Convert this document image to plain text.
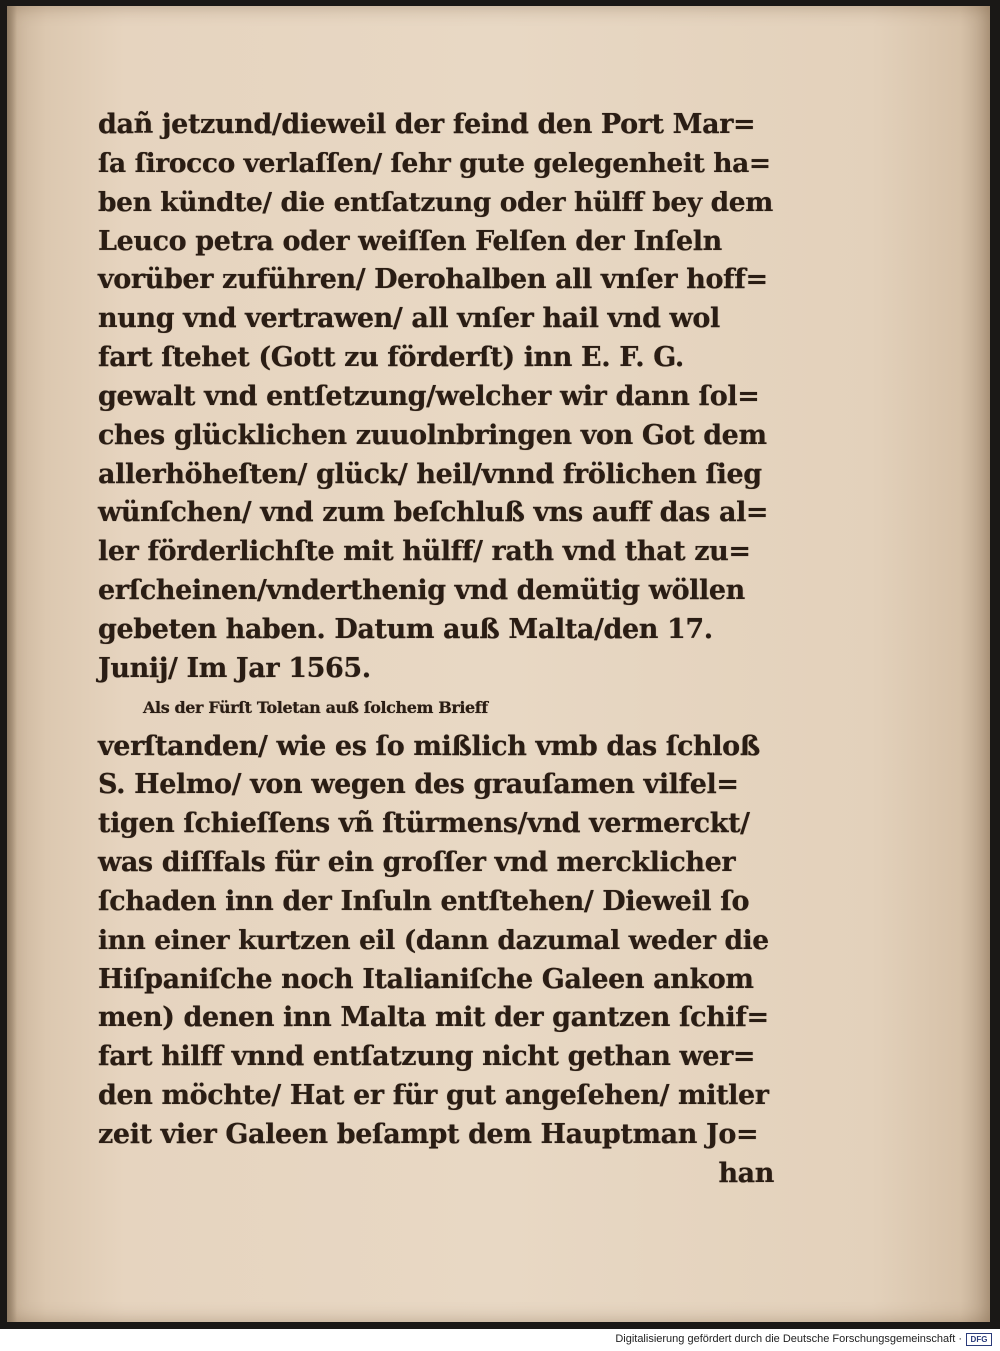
dañ jetzund/dieweil der feind den Port Mar=
ſa ſirocco verlaſſen/ ſehr gute gelegenheit ha=
ben kündte/ die entſatzung oder hülff bey dem
Leuco petra oder weiſſen Felſen der Inſeln
vorüber zuführen/ Derohalben all vnſer hoff=
nung vnd vertrawen/ all vnſer hail vnd wol
fart ſtehet (Gott zu förderſt) inn E. F. G.
gewalt vnd entſetzung/welcher wir dann ſol=
ches glücklichen zuuolnbringen von Got dem
allerhöheſten/ glück/ heil/vnnd frölichen ſieg
wünſchen/ vnd zum beſchluß vns auff das al=
ler förderlichſte mit hülff/ rath vnd that zu=
erſcheinen/vnderthenig vnd demütig wöllen
gebeten haben. Datum auß Malta/den 17.
Junij/ Im Jar 1565.
Als der Fürſt Toletan auß ſolchem Brieff
verſtanden/ wie es ſo mißlich vmb das ſchloß
S. Helmo/ von wegen des grauſamen vilfel=
tigen ſchieſſens vñ ſtürmens/vnd vermerckt/
was diſſfals für ein groſſer vnd mercklicher
ſchaden inn der Inſuln entſtehen/ Dieweil ſo
inn einer kurtzen eil (dann dazumal weder die
Hiſpaniſche noch Italianiſche Galeen ankom
men) denen inn Malta mit der gantzen ſchif=
fart hilff vnnd entſatzung nicht gethan wer=
den möchte/ Hat er für gut angeſehen/ mitler
zeit vier Galeen beſampt dem Hauptman Jo=
han
Digitalisierung gefördert durch die Deutsche Forschungsgemeinschaft ·	DFG
